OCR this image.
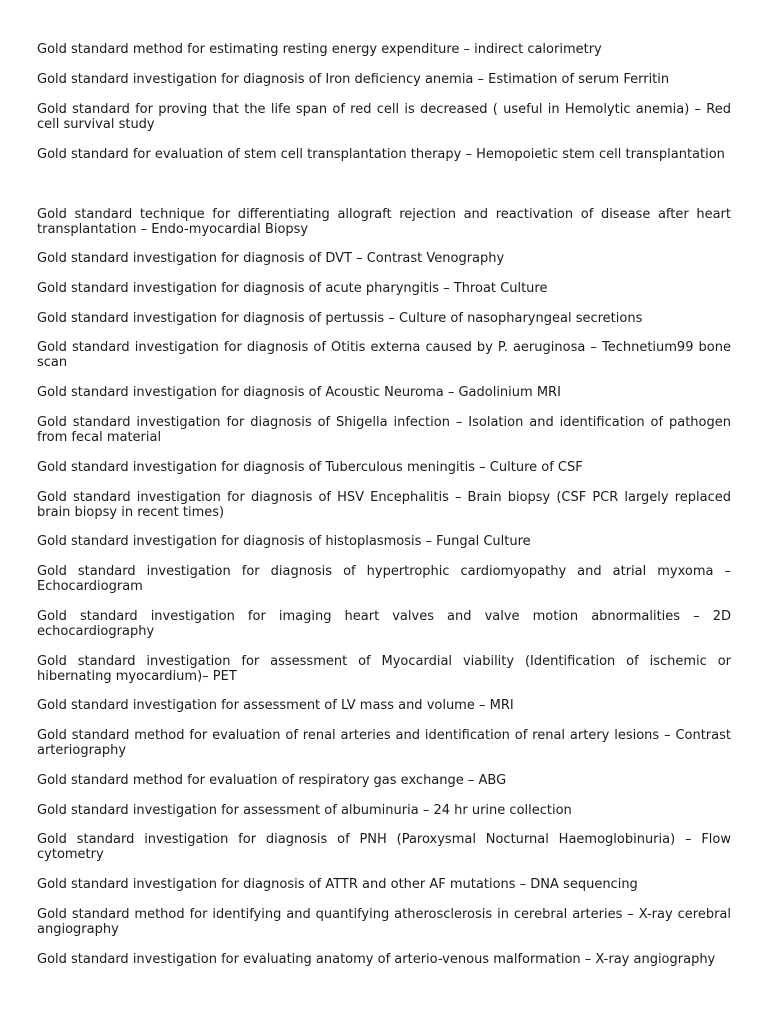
Gold standard method for estimating resting energy expenditure – indirect calorimetry

Gold standard investigation for diagnosis of Iron deficiency anemia – Estimation of serum Ferritin

Gold standard for proving that the life span of red cell is decreased ( useful in Hemolytic anemia) – Red cell survival study

Gold standard for evaluation of stem cell transplantation therapy – Hemopoietic stem cell transplantation

Gold standard technique for differentiating allograft rejection and reactivation of disease after heart transplantation – Endo-myocardial Biopsy

Gold standard investigation for diagnosis of DVT – Contrast Venography

Gold standard investigation for diagnosis of acute pharyngitis – Throat Culture

Gold standard investigation for diagnosis of pertussis – Culture of nasopharyngeal secretions

Gold standard investigation for diagnosis of Otitis externa caused by P. aeruginosa – Technetium99 bone scan

Gold standard investigation for diagnosis of Acoustic Neuroma – Gadolinium MRI

Gold standard investigation for diagnosis of Shigella infection – Isolation and identification of pathogen from fecal material

Gold standard investigation for diagnosis of Tuberculous meningitis – Culture of CSF

Gold standard investigation for diagnosis of HSV Encephalitis – Brain biopsy (CSF PCR largely replaced brain biopsy in recent times)

Gold standard investigation for diagnosis of histoplasmosis – Fungal Culture

Gold standard investigation for diagnosis of hypertrophic cardiomyopathy and atrial myxoma – Echocardiogram

Gold standard investigation for imaging heart valves and valve motion abnormalities – 2D echocardiography

Gold standard investigation for assessment of Myocardial viability (Identification of ischemic or hibernating myocardium)– PET

Gold standard investigation for assessment of LV mass and volume – MRI

Gold standard method for evaluation of renal arteries and identification of renal artery lesions – Contrast arteriography

Gold standard method for evaluation of respiratory gas exchange – ABG

Gold standard investigation for assessment of albuminuria – 24 hr urine collection

Gold standard investigation for diagnosis of PNH (Paroxysmal Nocturnal Haemoglobinuria) – Flow cytometry

Gold standard investigation for diagnosis of ATTR and other AF mutations – DNA sequencing

Gold standard method for identifying and quantifying atherosclerosis in cerebral arteries – X-ray cerebral angiography

Gold standard investigation for evaluating anatomy of arterio-venous malformation – X-ray angiography
